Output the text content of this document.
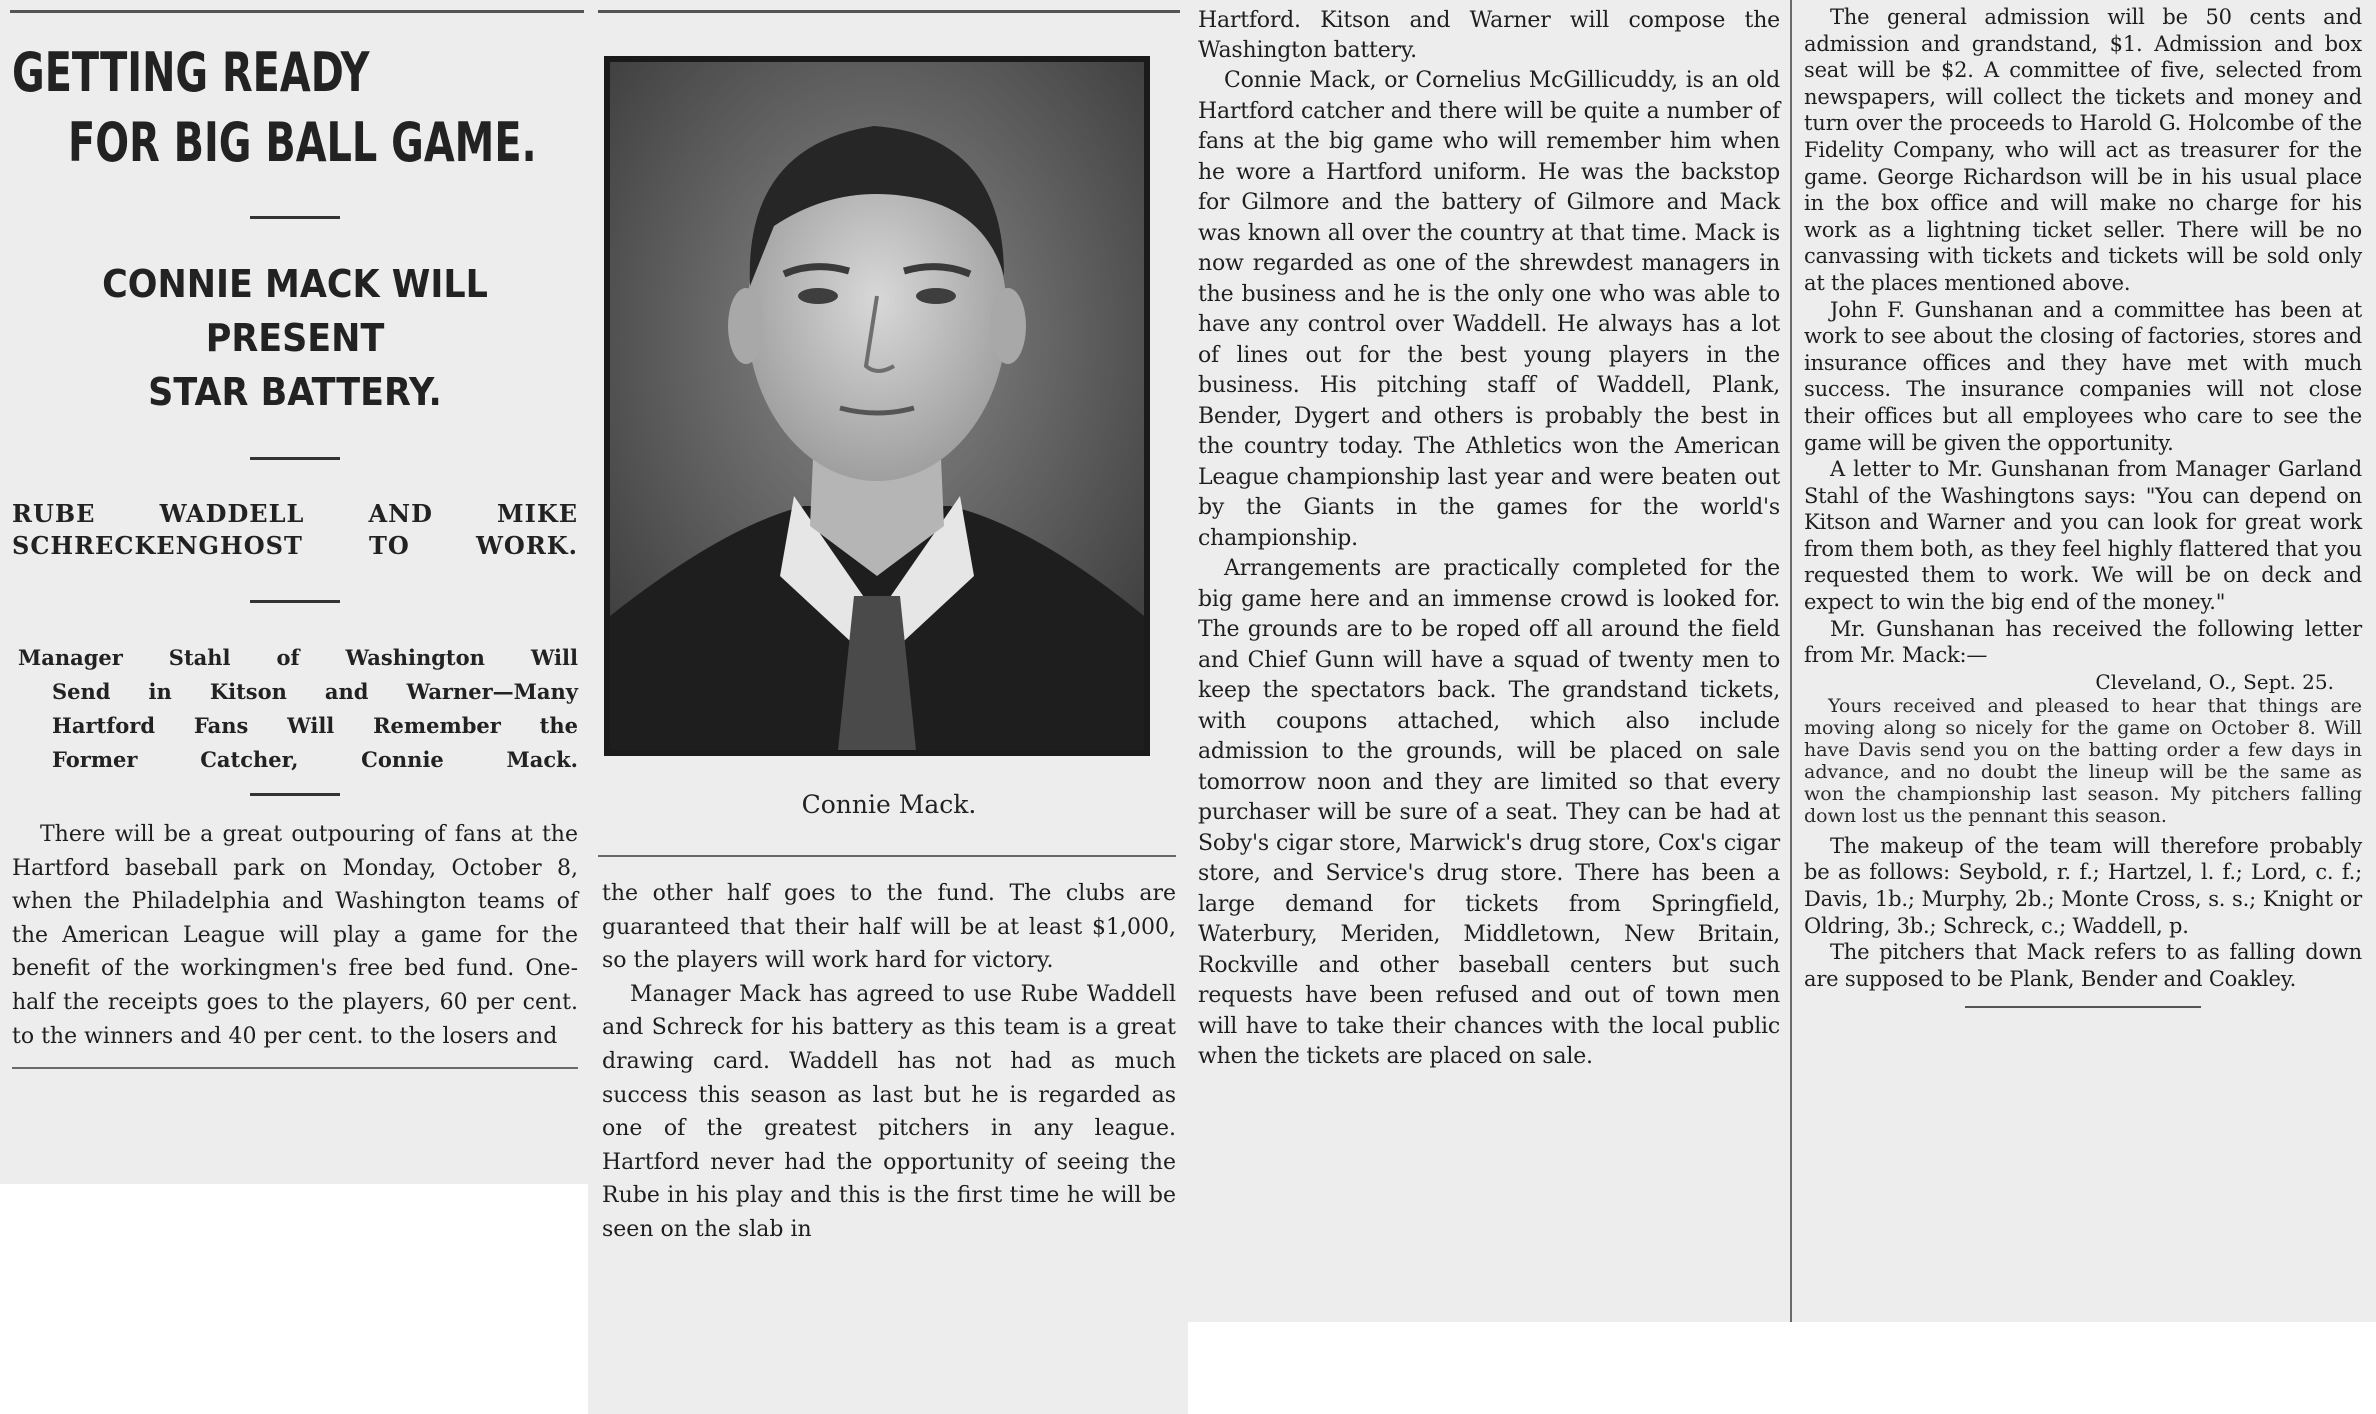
GETTING READY
FOR BIG BALL GAME.
CONNIE MACK WILL PRESENT
STAR BATTERY.
RUBE WADDELL AND MIKE
SCHRECKENGHOST TO WORK.
Manager Stahl of Washington Will
Send in Kitson and Warner—Many
Hartford Fans Will Remember the
Former Catcher, Connie Mack.

There will be a great outpouring of fans at the Hartford baseball park on Monday, October 8, when the Philadelphia and Washington teams of the American League will play a game for the benefit of the workingmen's free bed fund. One-half the receipts goes to the players, 60 per cent. to the winners and 40 per cent. to the losers and

Connie Mack.

the other half goes to the fund. The clubs are guaranteed that their half will be at least $1,000, so the players will work hard for victory.

Manager Mack has agreed to use Rube Waddell and Schreck for his battery as this team is a great drawing card. Waddell has not had as much success this season as last but he is regarded as one of the greatest pitchers in any league. Hartford never had the opportunity of seeing the Rube in his play and this is the first time he will be seen on the slab in

Hartford. Kitson and Warner will compose the Washington battery.

Connie Mack, or Cornelius McGillicuddy, is an old Hartford catcher and there will be quite a number of fans at the big game who will remember him when he wore a Hartford uniform. He was the backstop for Gilmore and the battery of Gilmore and Mack was known all over the country at that time. Mack is now regarded as one of the shrewdest managers in the business and he is the only one who was able to have any control over Waddell. He always has a lot of lines out for the best young players in the business. His pitching staff of Waddell, Plank, Bender, Dygert and others is probably the best in the country today. The Athletics won the American League championship last year and were beaten out by the Giants in the games for the world's championship.

Arrangements are practically completed for the big game here and an immense crowd is looked for. The grounds are to be roped off all around the field and Chief Gunn will have a squad of twenty men to keep the spectators back. The grandstand tickets, with coupons attached, which also include admission to the grounds, will be placed on sale tomorrow noon and they are limited so that every purchaser will be sure of a seat. They can be had at Soby's cigar store, Marwick's drug store, Cox's cigar store, and Service's drug store. There has been a large demand for tickets from Springfield, Waterbury, Meriden, Middletown, New Britain, Rockville and other baseball centers but such requests have been refused and out of town men will have to take their chances with the local public when the tickets are placed on sale.

The general admission will be 50 cents and admission and grandstand, $1. Admission and box seat will be $2. A committee of five, selected from newspapers, will collect the tickets and money and turn over the proceeds to Harold G. Holcombe of the Fidelity Company, who will act as treasurer for the game. George Richardson will be in his usual place in the box office and will make no charge for his work as a lightning ticket seller. There will be no canvassing with tickets and tickets will be sold only at the places mentioned above.

John F. Gunshanan and a committee has been at work to see about the closing of factories, stores and insurance offices and they have met with much success. The insurance companies will not close their offices but all employees who care to see the game will be given the opportunity.

A letter to Mr. Gunshanan from Manager Garland Stahl of the Washingtons says: "You can depend on Kitson and Warner and you can look for great work from them both, as they feel highly flattered that you requested them to work. We will be on deck and expect to win the big end of the money."

Mr. Gunshanan has received the following letter from Mr. Mack:—

Cleveland, O., Sept. 25.

Yours received and pleased to hear that things are moving along so nicely for the game on October 8. Will have Davis send you on the batting order a few days in advance, and no doubt the lineup will be the same as won the championship last season. My pitchers falling down lost us the pennant this season.

The makeup of the team will therefore probably be as follows: Seybold, r. f.; Hartzel, l. f.; Lord, c. f.; Davis, 1b.; Murphy, 2b.; Monte Cross, s. s.; Knight or Oldring, 3b.; Schreck, c.; Waddell, p.

The pitchers that Mack refers to as falling down are supposed to be Plank, Bender and Coakley.
